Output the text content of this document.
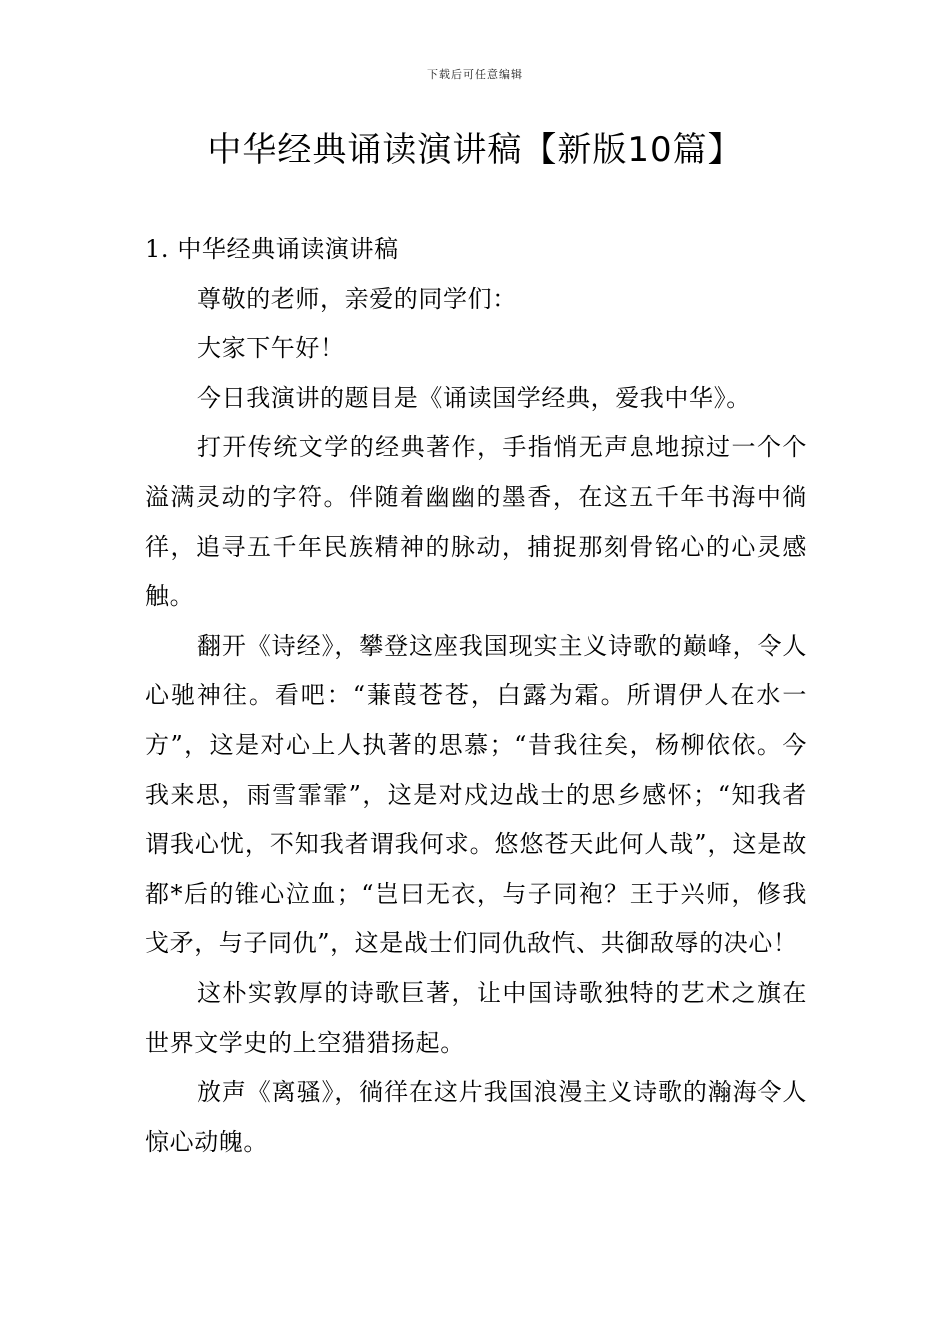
下载后可任意编辑
中华经典诵读演讲稿【新版10篇】

1. 中华经典诵读演讲稿

尊敬的老师，亲爱的同学们：

大家下午好！

今日我演讲的题目是《诵读国学经典，爱我中华》。

打开传统文学的经典著作，手指悄无声息地掠过一个个溢满灵动的字符。伴随着幽幽的墨香，在这五千年书海中徜徉，追寻五千年民族精神的脉动，捕捉那刻骨铭心的心灵感触。

翻开《诗经》，攀登这座我国现实主义诗歌的巅峰，令人心驰神往。看吧：“蒹葭苍苍，白露为霜。所谓伊人在水一方”，这是对心上人执著的思慕；“昔我往矣，杨柳依依。今我来思，雨雪霏霏”，这是对戍边战士的思乡感怀；“知我者谓我心忧，不知我者谓我何求。悠悠苍天此何人哉”，这是故都*后的锥心泣血；“岂曰无衣，与子同袍？王于兴师，修我戈矛，与子同仇”，这是战士们同仇敌忾、共御敌辱的决心！

这朴实敦厚的诗歌巨著，让中国诗歌独特的艺术之旗在世界文学史的上空猎猎扬起。

放声《离骚》，徜徉在这片我国浪漫主义诗歌的瀚海令人惊心动魄。
